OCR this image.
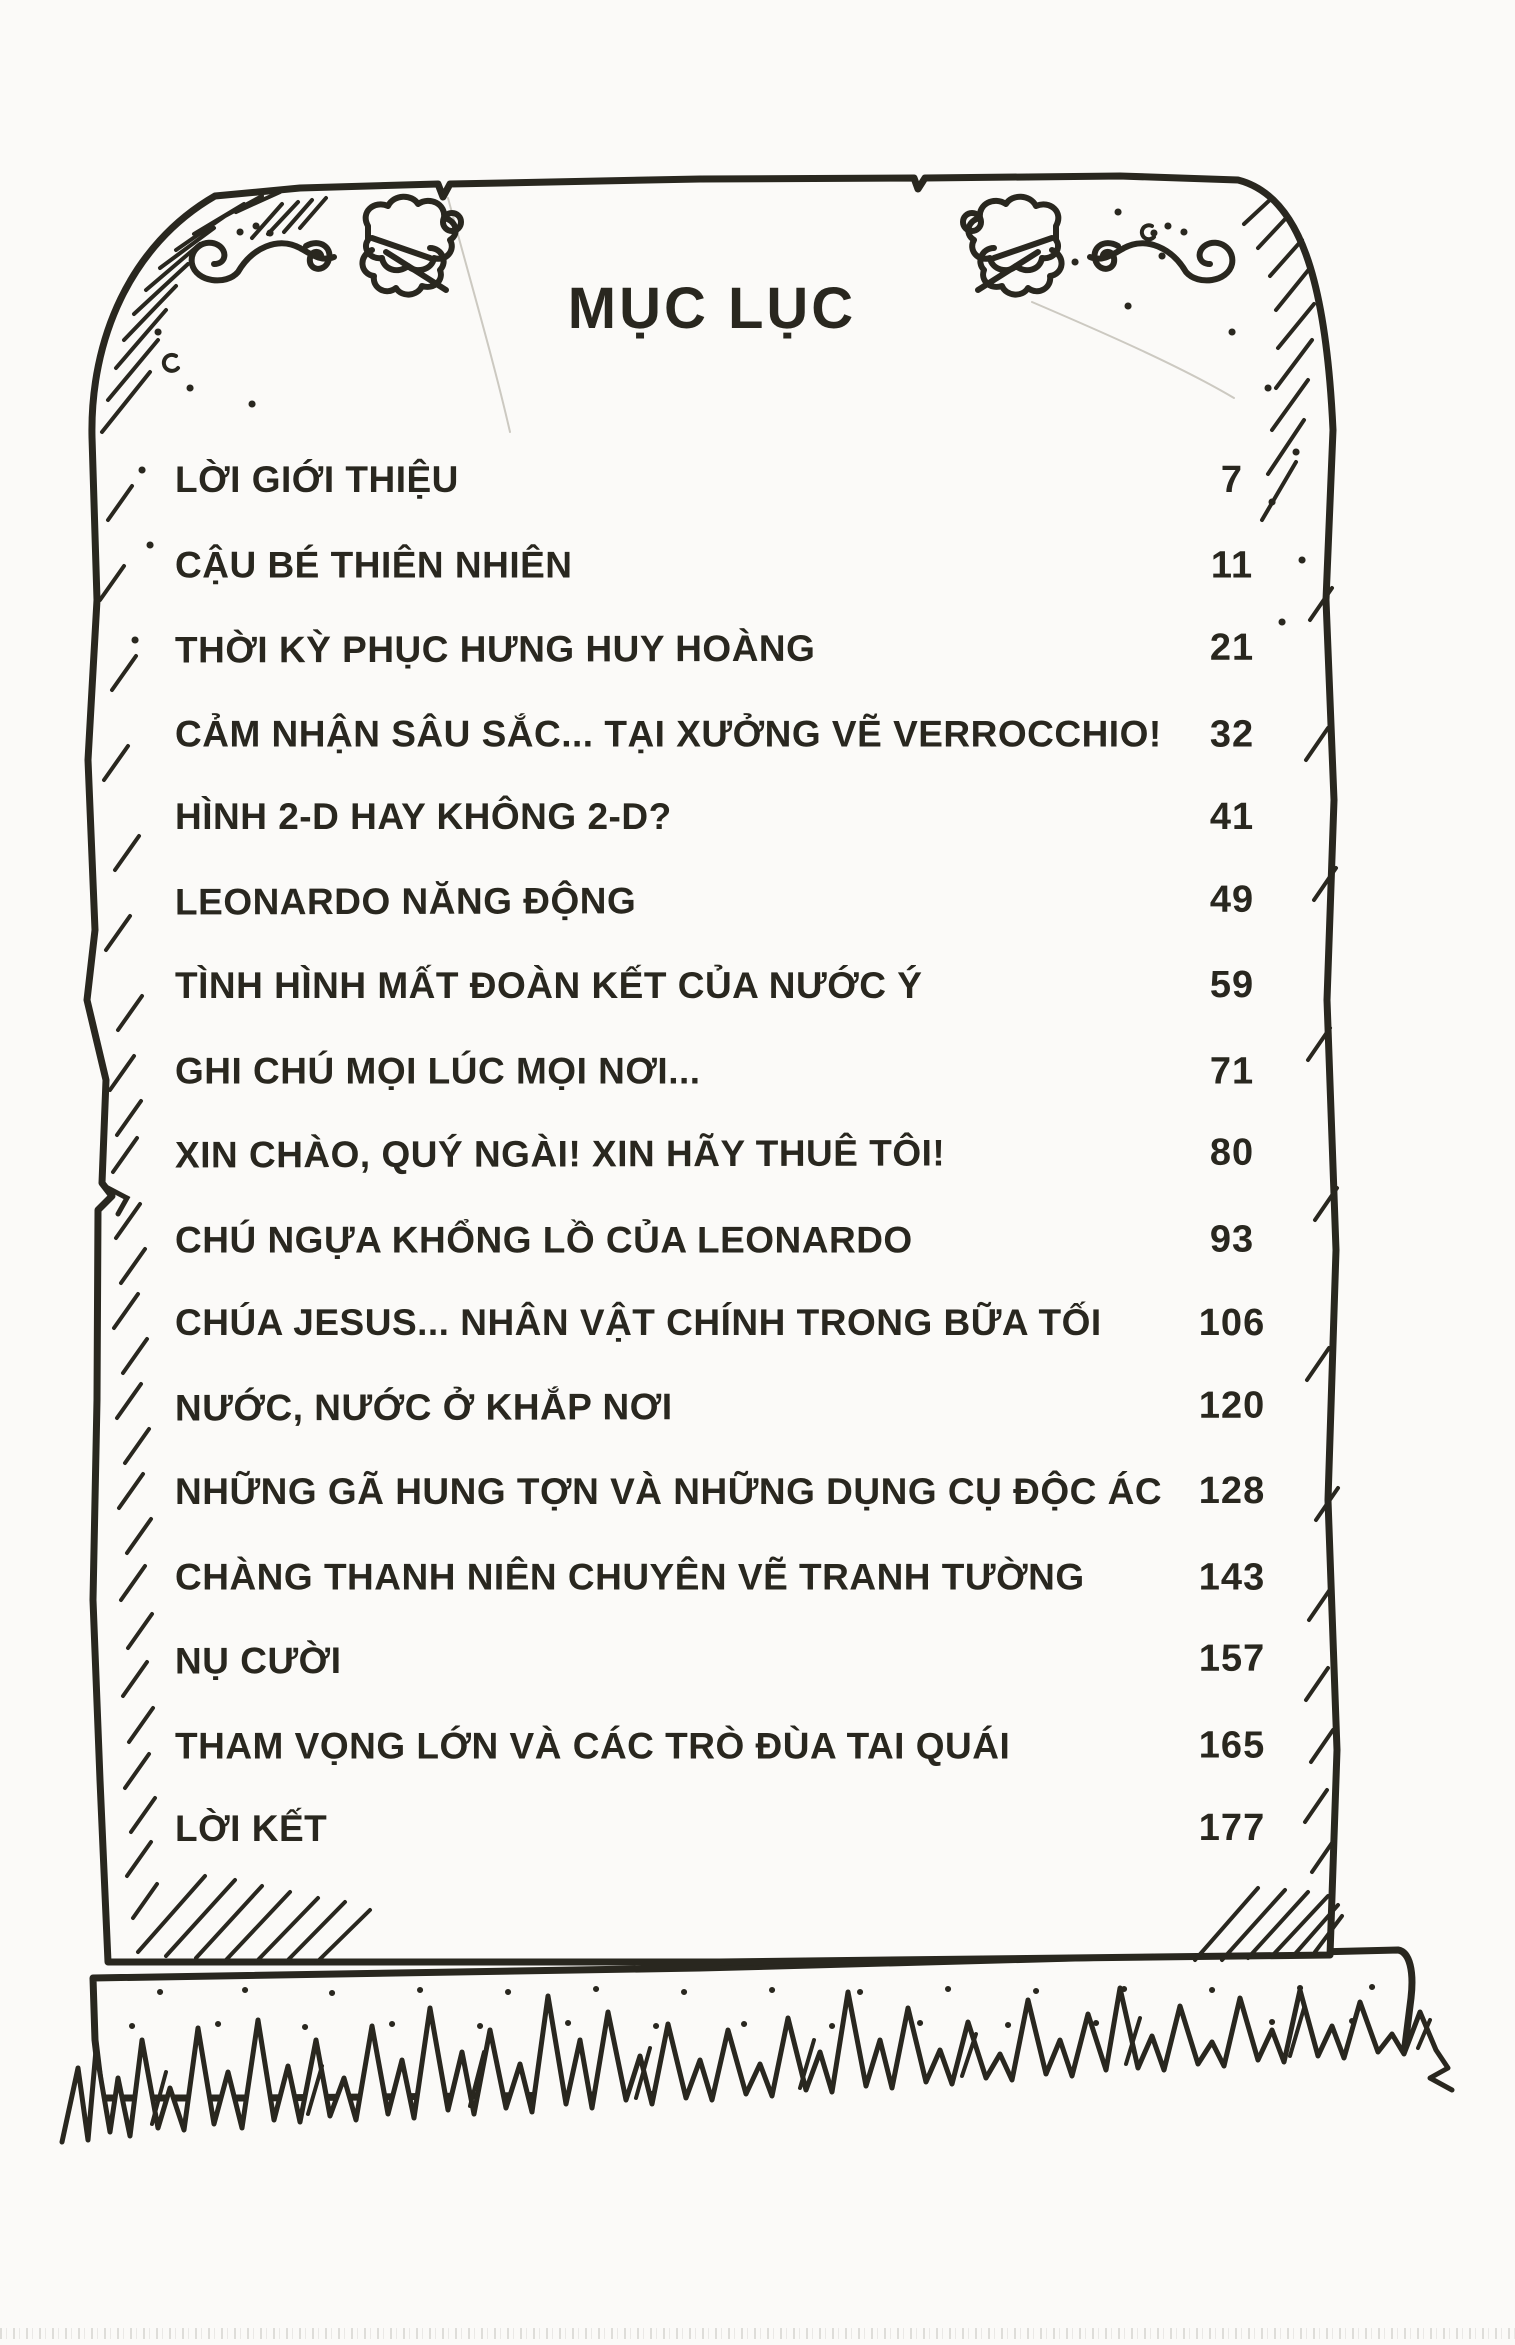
MỤC LỤC
LỜI GIỚI THIỆU	7
CẬU BÉ THIÊN NHIÊN	11
THỜI KỲ PHỤC HƯNG HUY HOÀNG	21
CẢM NHẬN SÂU SẮC... TẠI XƯỞNG VẼ VERROCCHIO!	32
HÌNH 2-D HAY KHÔNG 2-D?	41
LEONARDO NĂNG ĐỘNG	49
TÌNH HÌNH MẤT ĐOÀN KẾT CỦA NƯỚC Ý	59
GHI CHÚ MỌI LÚC MỌI NƠI...	71
XIN CHÀO, QUÝ NGÀI! XIN HÃY THUÊ TÔI!	80
CHÚ NGỰA KHỔNG LỒ CỦA LEONARDO	93
CHÚA JESUS... NHÂN VẬT CHÍNH TRONG BỮA TỐI	106
NƯỚC, NƯỚC Ở KHẮP NƠI	120
NHỮNG GÃ HUNG TỢN VÀ NHỮNG DỤNG CỤ ĐỘC ÁC 128
CHÀNG THANH NIÊN CHUYÊN VẼ TRANH TƯỜNG	143
NỤ CƯỜI	157
THAM VỌNG LỚN VÀ CÁC TRÒ ĐÙA TAI QUÁI	165
LỜI KẾT	177
